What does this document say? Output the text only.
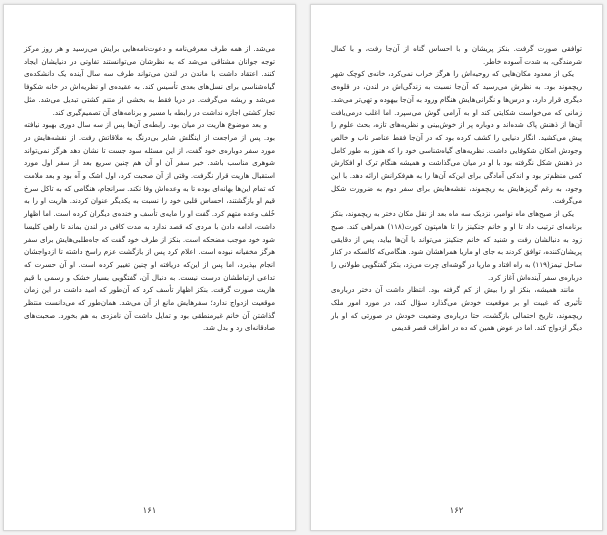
می‌شد. از همه طرف معرفی‌نامه و دعوت‌نامه‌هایی برایش می‌رسید و هر روز مرکز توجه جوانان مشتاقی می‌شد که به نظرشان می‌توانستند تفاوتی در دنیایشان ایجاد کنند. اعتقاد داشت با ماندن در لندن می‌تواند طرف سه سال آینده یک دانشکده‌ی گیاه‌شناسی برای نسل‌های بعدی تأسیس کند. به عقیده‌ی او نظریه‌اش در خانه شکوفا می‌شد و ریشه می‌گرفت. در دریا فقط به بخشی از متنم کشتی تبدیل می‌شد. مثل تجار کشتی اجازه نداشت در رابطه با مسیر و برنامه‌های آن تصمیم‌گیری کند.

و بعد موضوع هاریت در میان بود. رابطه‌ی آن‌ها پس از سه سال دوری بهبود نیافته بود. پس از مراجعت از اینگلش شایر بی‌درنگ به ملاقاتش رفت. از نقشه‌هایش در مورد سفر دوباره‌ی خود گفت، از این مسئله سود جست تا نشان دهد هرگز نمی‌تواند شوهری مناسب باشد. خبر سفر آن او آن هم چنین سریع بعد از سفر اول مورد استقبال هاریت قرار نگرفت. وقتی از آن صحبت کرد، اول اشک و آه بود و بعد ملامت که تمام این‌ها بهانه‌ای بوده تا به وعده‌اش وفا نکند. سرانجام، هنگامی که به تاکل سرخ قیم او بازگشتند، احساس قلبی خود را نسبت به یکدیگر عنوان کردند. هاریت او را به خُلف وعده متهم کرد. گفت او را مایه‌ی تأسف و خنده‌ی دیگران کرده است. اما اظهار داشت، ادامه دادن با مردی که قصد ندارد به مدت کافی در لندن بماند تا راهی کلیسا شود خود موجب مضحکه است. بنکز از طرف خود گفت که جاه‌طلبی‌هایش برای سفر هرگز مخفیانه نبوده است. اعلام کرد پس از بازگشت عزم راسخ داشته تا ازدواجشان انجام بپذیرد، اما پس از این‌که دریافته او چنین تغییر کرده است. او آن حسرت که تداعی ارتباطشان درست نیست. به دنبال آن، گفتگویی بسیار خشک و رسمی با قیم هاریت صورت گرفت. بنکز اظهار تأسف کرد که آن‌طور که امید داشت در این زمان موقعیت ازدواج ندارد؛ سفرهایش مانع از آن می‌شد. همان‌طور که می‌دانست منتظر گذاشتن آن خانم غیرمنطقی بود و تمایل داشت آن نامزدی به هم بخورد. صحبت‌های صادقانه‌ای رد و بدل شد.

۱۶۱

توافقی صورت گرفت. بنکز پریشان و با احساس گناه از آن‌جا رفت، و با کمال شرمندگی، به شدت آسوده خاطر.

یکی از معدود مکان‌هایی که روحیه‌اش را هرگز خراب نمی‌کرد، خانه‌ی کوچک شهر ریچموند بود. به نظرش می‌رسید که آن‌جا نسبت به زندگی‌اش در لندن، در قلوه‌ی دیگری قرار دارد، و درس‌ها و نگرانی‌هایش هنگام ورود به آن‌جا بیهوده و تهی‌تر می‌شد. زمانی که می‌خواست شکایتی کند او به آرامی گوش می‌سپرد. اما اغلب درمی‌یافت آن‌ها از ذهنش پاک شده‌اند و دوباره پر از خوش‌بینی و نظریه‌های تازه، بحث علوم را پیش می‌کشید. انگار دنیایی را کشف کرده بود که در آن‌جا فقط عناصر ناب و خالص وجودش امکان شکوفایی داشت. نظریه‌های گیاه‌شناسی خود را که هنوز به طور کامل در ذهنش شکل نگرفته بود با او در میان می‌گذاشت و همیشه هنگام ترک او افکارش کمی منظم‌تر بود و اندکی آمادگی برای این‌که آن‌ها را به هم‌فکرانش ارائه دهد. با این وجود، به رغم گریزهایش به ریچموند، نقشه‌هایش برای سفر دوم به ضرورت شکل می‌گرفت.

یکی از صبح‌های ماه نوامبر، نزدیک سه ماه بعد از نقل مکان دختر به ریچموند، بنکز برنامه‌ای ترتیب داد تا او و خانم جنکینز را تا هامپتون کورت(۱۱۸) همراهی کند. صبح زود به دنبالشان رفت و شنید که خانم جنکینز می‌تواند با آن‌ها بیاید، پس از دقایقی پریشان‌کننده، توافق کردند به جای او ماریا همراهشان شود. هنگامی‌که کالسکه در کنار ساحل تیمز(۱۱۹) به راه افتاد و ماریا در گوشه‌ای چرت می‌زد، بنکز گفتگویی طولانی را درباره‌ی سفر آینده‌اش آغاز کرد.

مانند همیشه، بنکز او را بیش از کم گرفته بود. انتظار داشت آن دختر درباره‌ی تأثیری که غیبت او بر موقعیت خودش می‌گذارد سؤال کند، در مورد امور ملک ریچموند، تاریخ احتمالی بازگشت، حتا درباره‌ی وضعیت خودش در صورتی که او بار دیگر ازدواج کند. اما در عوض همین که ده در اطراف قصر قدیمی

۱۶۲
